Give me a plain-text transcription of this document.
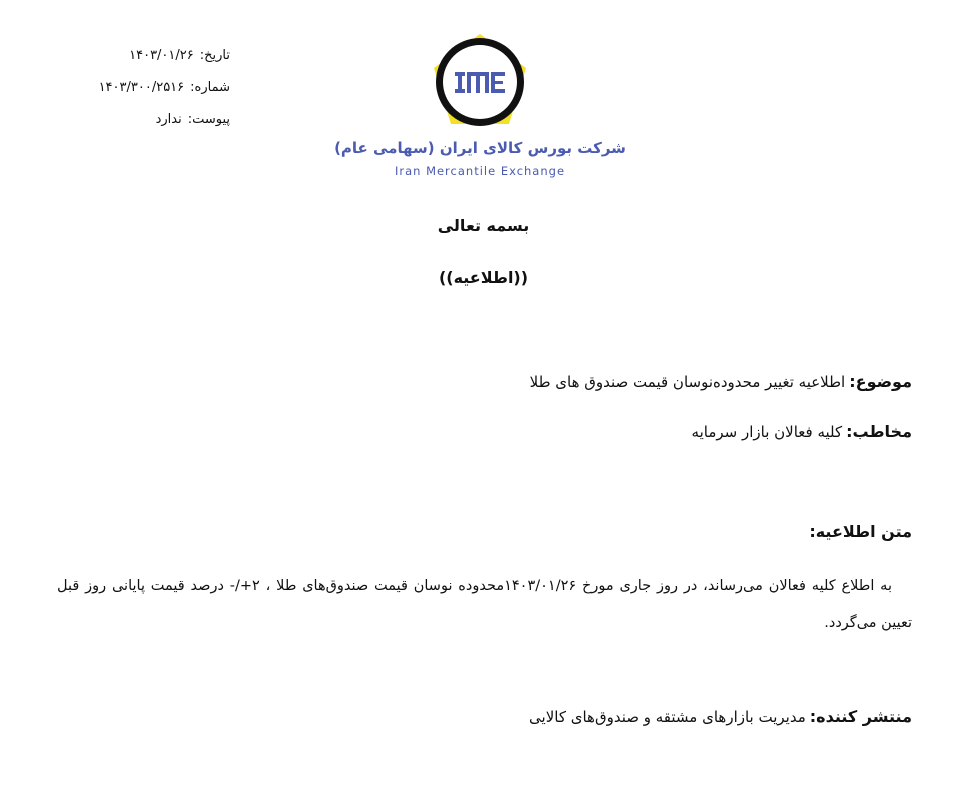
تاریخ:۱۴۰۳/۰۱/۲۶
شماره:۱۴۰۳/۳۰۰/۲۵۱۶
پیوست:ندارد
شرکت بورس کالای ایران (سهامی عام)
Iran Mercantile Exchange
بسمه تعالی
((اطلاعیه))
موضوع:اطلاعیه تغییر محدوده‌نوسان قیمت صندوق های طلا
مخاطب:کلیه فعالان بازار سرمایه
متن اطلاعیه:
به اطلاع کلیه فعالان می‌رساند، در روز جاری مورخ ۱۴۰۳/۰۱/۲۶محدوده نوسان قیمت صندوق‌های طلا ، ۲+/- درصد قیمت پایانی روز قبل تعیین می‌گردد.
منتشر کننده:مدیریت بازارهای مشتقه و صندوق‌های کالایی
